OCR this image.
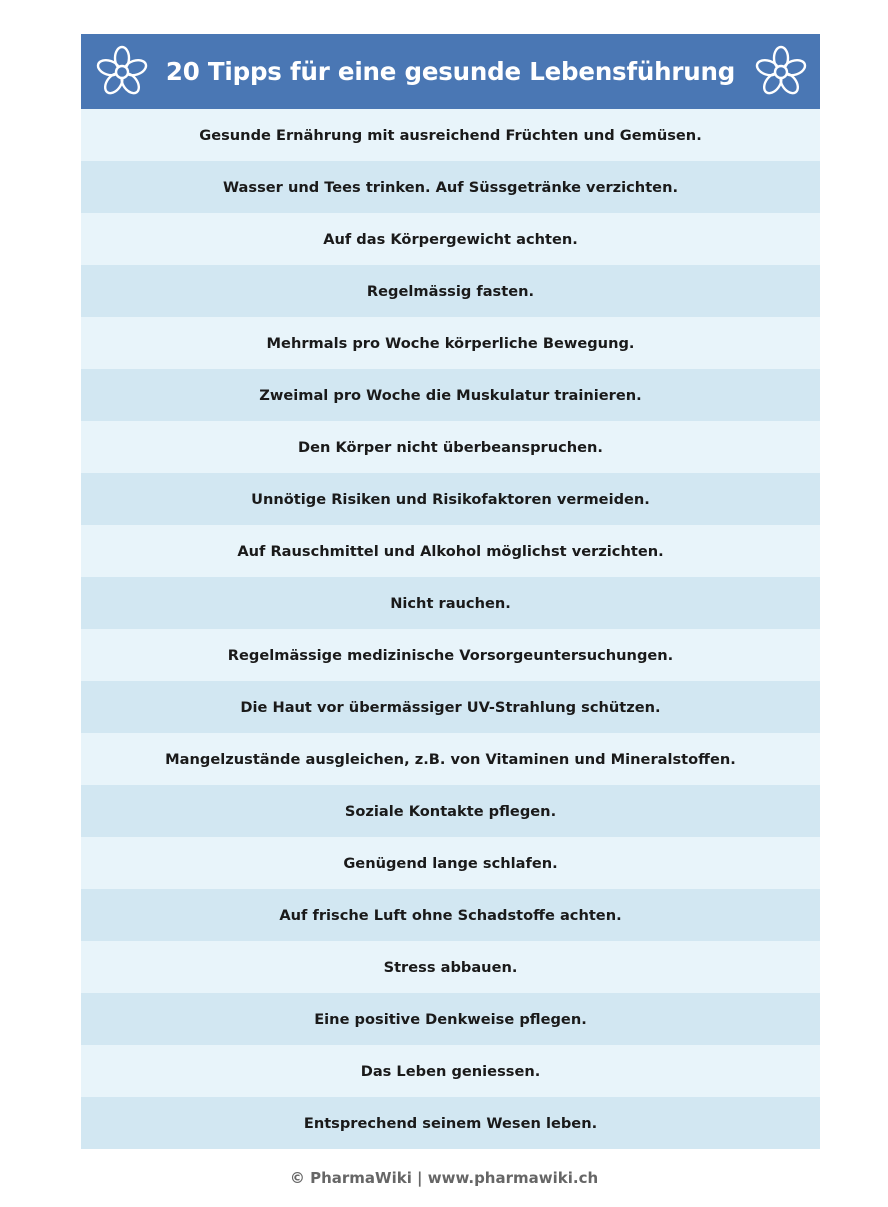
20 Tipps für eine gesunde Lebensführung
Gesunde Ernährung mit ausreichend Früchten und Gemüsen.
Wasser und Tees trinken. Auf Süssgetränke verzichten.
Auf das Körpergewicht achten.
Regelmässig fasten.
Mehrmals pro Woche körperliche Bewegung.
Zweimal pro Woche die Muskulatur trainieren.
Den Körper nicht überbeanspruchen.
Unnötige Risiken und Risikofaktoren vermeiden.
Auf Rauschmittel und Alkohol möglichst verzichten.
Nicht rauchen.
Regelmässige medizinische Vorsorgeuntersuchungen.
Die Haut vor übermässiger UV-Strahlung schützen.
Mangelzustände ausgleichen, z.B. von Vitaminen und Mineralstoffen.
Soziale Kontakte pflegen.
Genügend lange schlafen.
Auf frische Luft ohne Schadstoffe achten.
Stress abbauen.
Eine positive Denkweise pflegen.
Das Leben geniessen.
Entsprechend seinem Wesen leben.
© PharmaWiki | www.pharmawiki.ch
